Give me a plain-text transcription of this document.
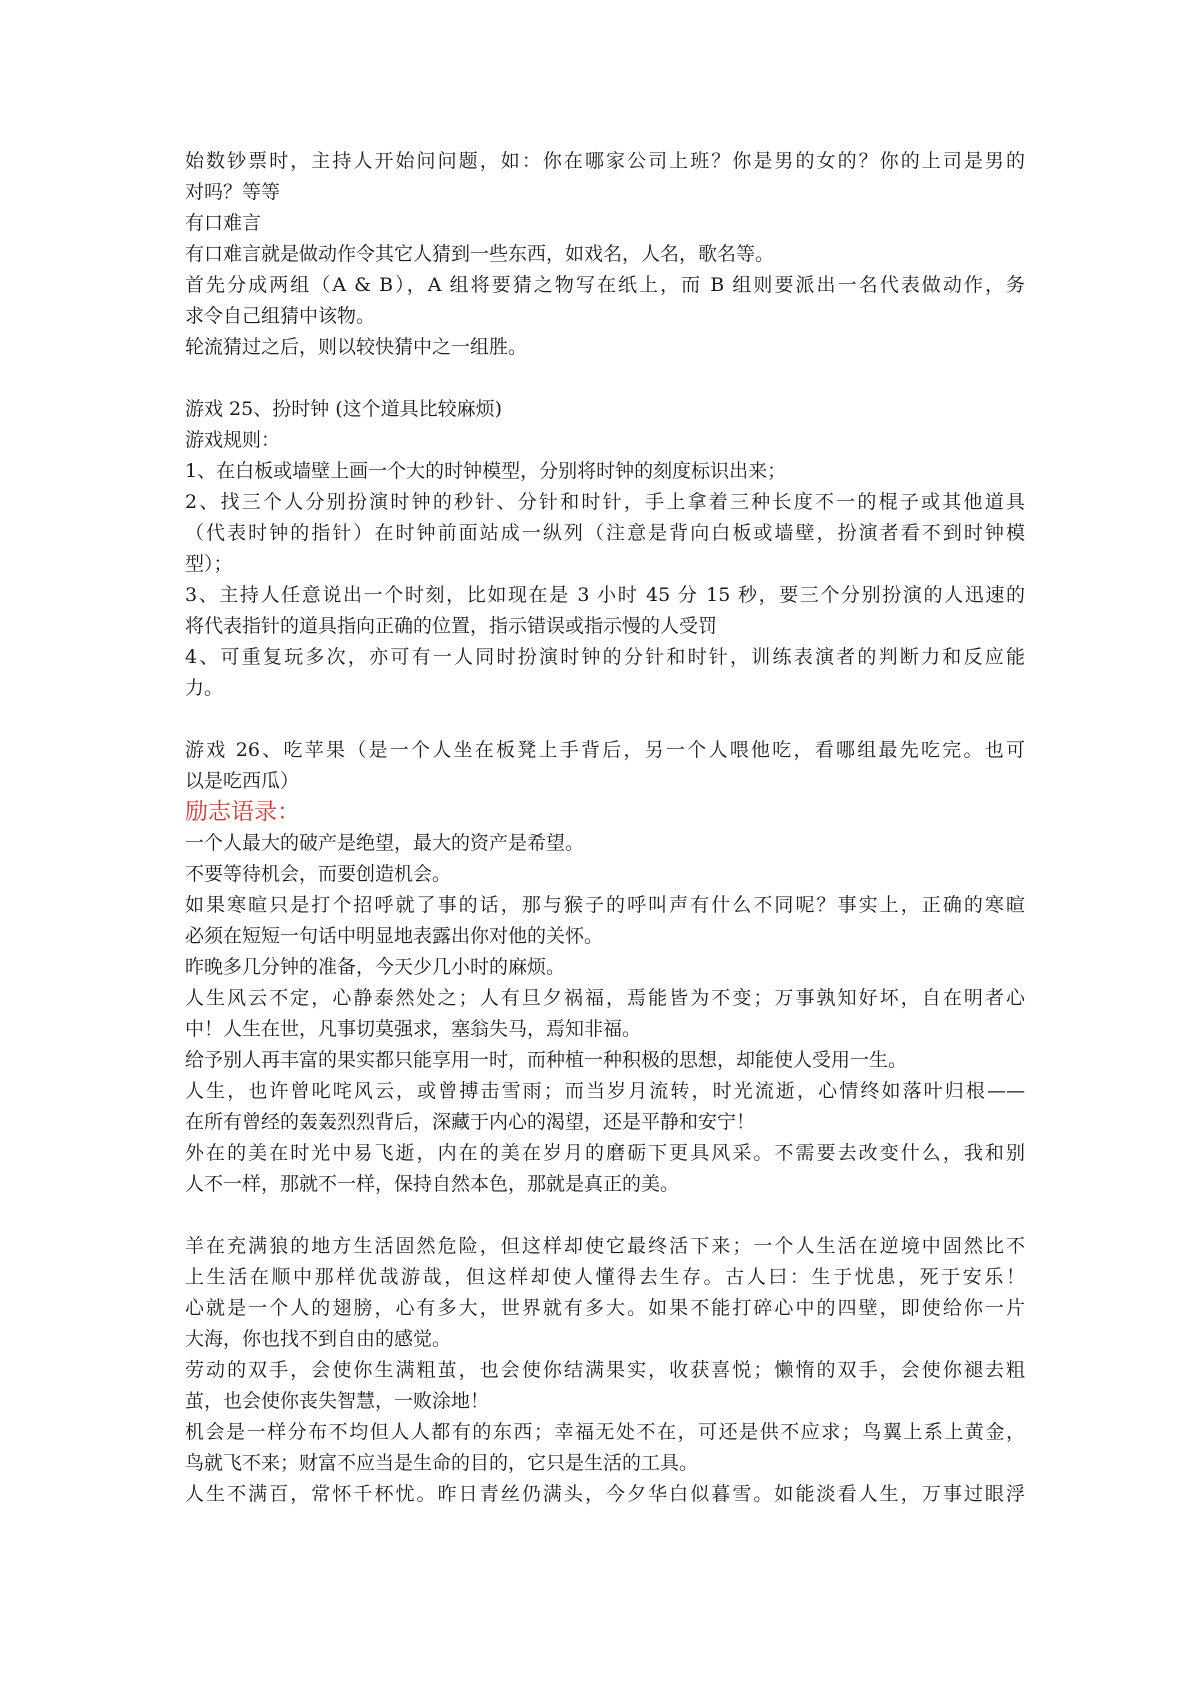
始数钞票时，主持人开始问问题，如：你在哪家公司上班？你是男的女的？你的上司是男的
对吗？等等
有口难言
有口难言就是做动作令其它人猜到一些东西，如戏名，人名，歌名等。
首先分成两组（A & B），A 组将要猜之物写在纸上，而 B 组则要派出一名代表做动作，务
求令自己组猜中该物。
轮流猜过之后，则以较快猜中之一组胜。
游戏 25、扮时钟 (这个道具比较麻烦)
游戏规则：
1、在白板或墙壁上画一个大的时钟模型，分别将时钟的刻度标识出来；
2、找三个人分别扮演时钟的秒针、分针和时针，手上拿着三种长度不一的棍子或其他道具
（代表时钟的指针）在时钟前面站成一纵列（注意是背向白板或墙壁，扮演者看不到时钟模
型）；
3、主持人任意说出一个时刻，比如现在是 3 小时 45 分 15 秒，要三个分别扮演的人迅速的
将代表指针的道具指向正确的位置，指示错误或指示慢的人受罚
4、可重复玩多次，亦可有一人同时扮演时钟的分针和时针，训练表演者的判断力和反应能
力。
游戏 26、吃苹果（是一个人坐在板凳上手背后，另一个人喂他吃，看哪组最先吃完。也可
以是吃西瓜）
励志语录：
一个人最大的破产是绝望，最大的资产是希望。
不要等待机会，而要创造机会。
如果寒暄只是打个招呼就了事的话，那与猴子的呼叫声有什么不同呢？事实上，正确的寒暄
必须在短短一句话中明显地表露出你对他的关怀。
昨晚多几分钟的准备，今天少几小时的麻烦。
人生风云不定，心静泰然处之；人有旦夕祸福，焉能皆为不变；万事孰知好坏，自在明者心
中！人生在世，凡事切莫强求，塞翁失马，焉知非福。
给予别人再丰富的果实都只能享用一时，而种植一种积极的思想，却能使人受用一生。
人生，也许曾叱咤风云，或曾搏击雪雨；而当岁月流转，时光流逝，心情终如落叶归根——
在所有曾经的轰轰烈烈背后，深藏于内心的渴望，还是平静和安宁！
外在的美在时光中易飞逝，内在的美在岁月的磨砺下更具风采。不需要去改变什么，我和别
人不一样，那就不一样，保持自然本色，那就是真正的美。
羊在充满狼的地方生活固然危险，但这样却使它最终活下来；一个人生活在逆境中固然比不
上生活在顺中那样优哉游哉，但这样却使人懂得去生存。古人曰：生于忧患，死于安乐！
心就是一个人的翅膀，心有多大，世界就有多大。如果不能打碎心中的四壁，即使给你一片
大海，你也找不到自由的感觉。
劳动的双手，会使你生满粗茧，也会使你结满果实，收获喜悦；懒惰的双手，会使你褪去粗
茧，也会使你丧失智慧，一败涂地！
机会是一样分布不均但人人都有的东西；幸福无处不在，可还是供不应求；鸟翼上系上黄金，
鸟就飞不来；财富不应当是生命的目的，它只是生活的工具。
人生不满百，常怀千杯忧。昨日青丝仍满头，今夕华白似暮雪。如能淡看人生，万事过眼浮
